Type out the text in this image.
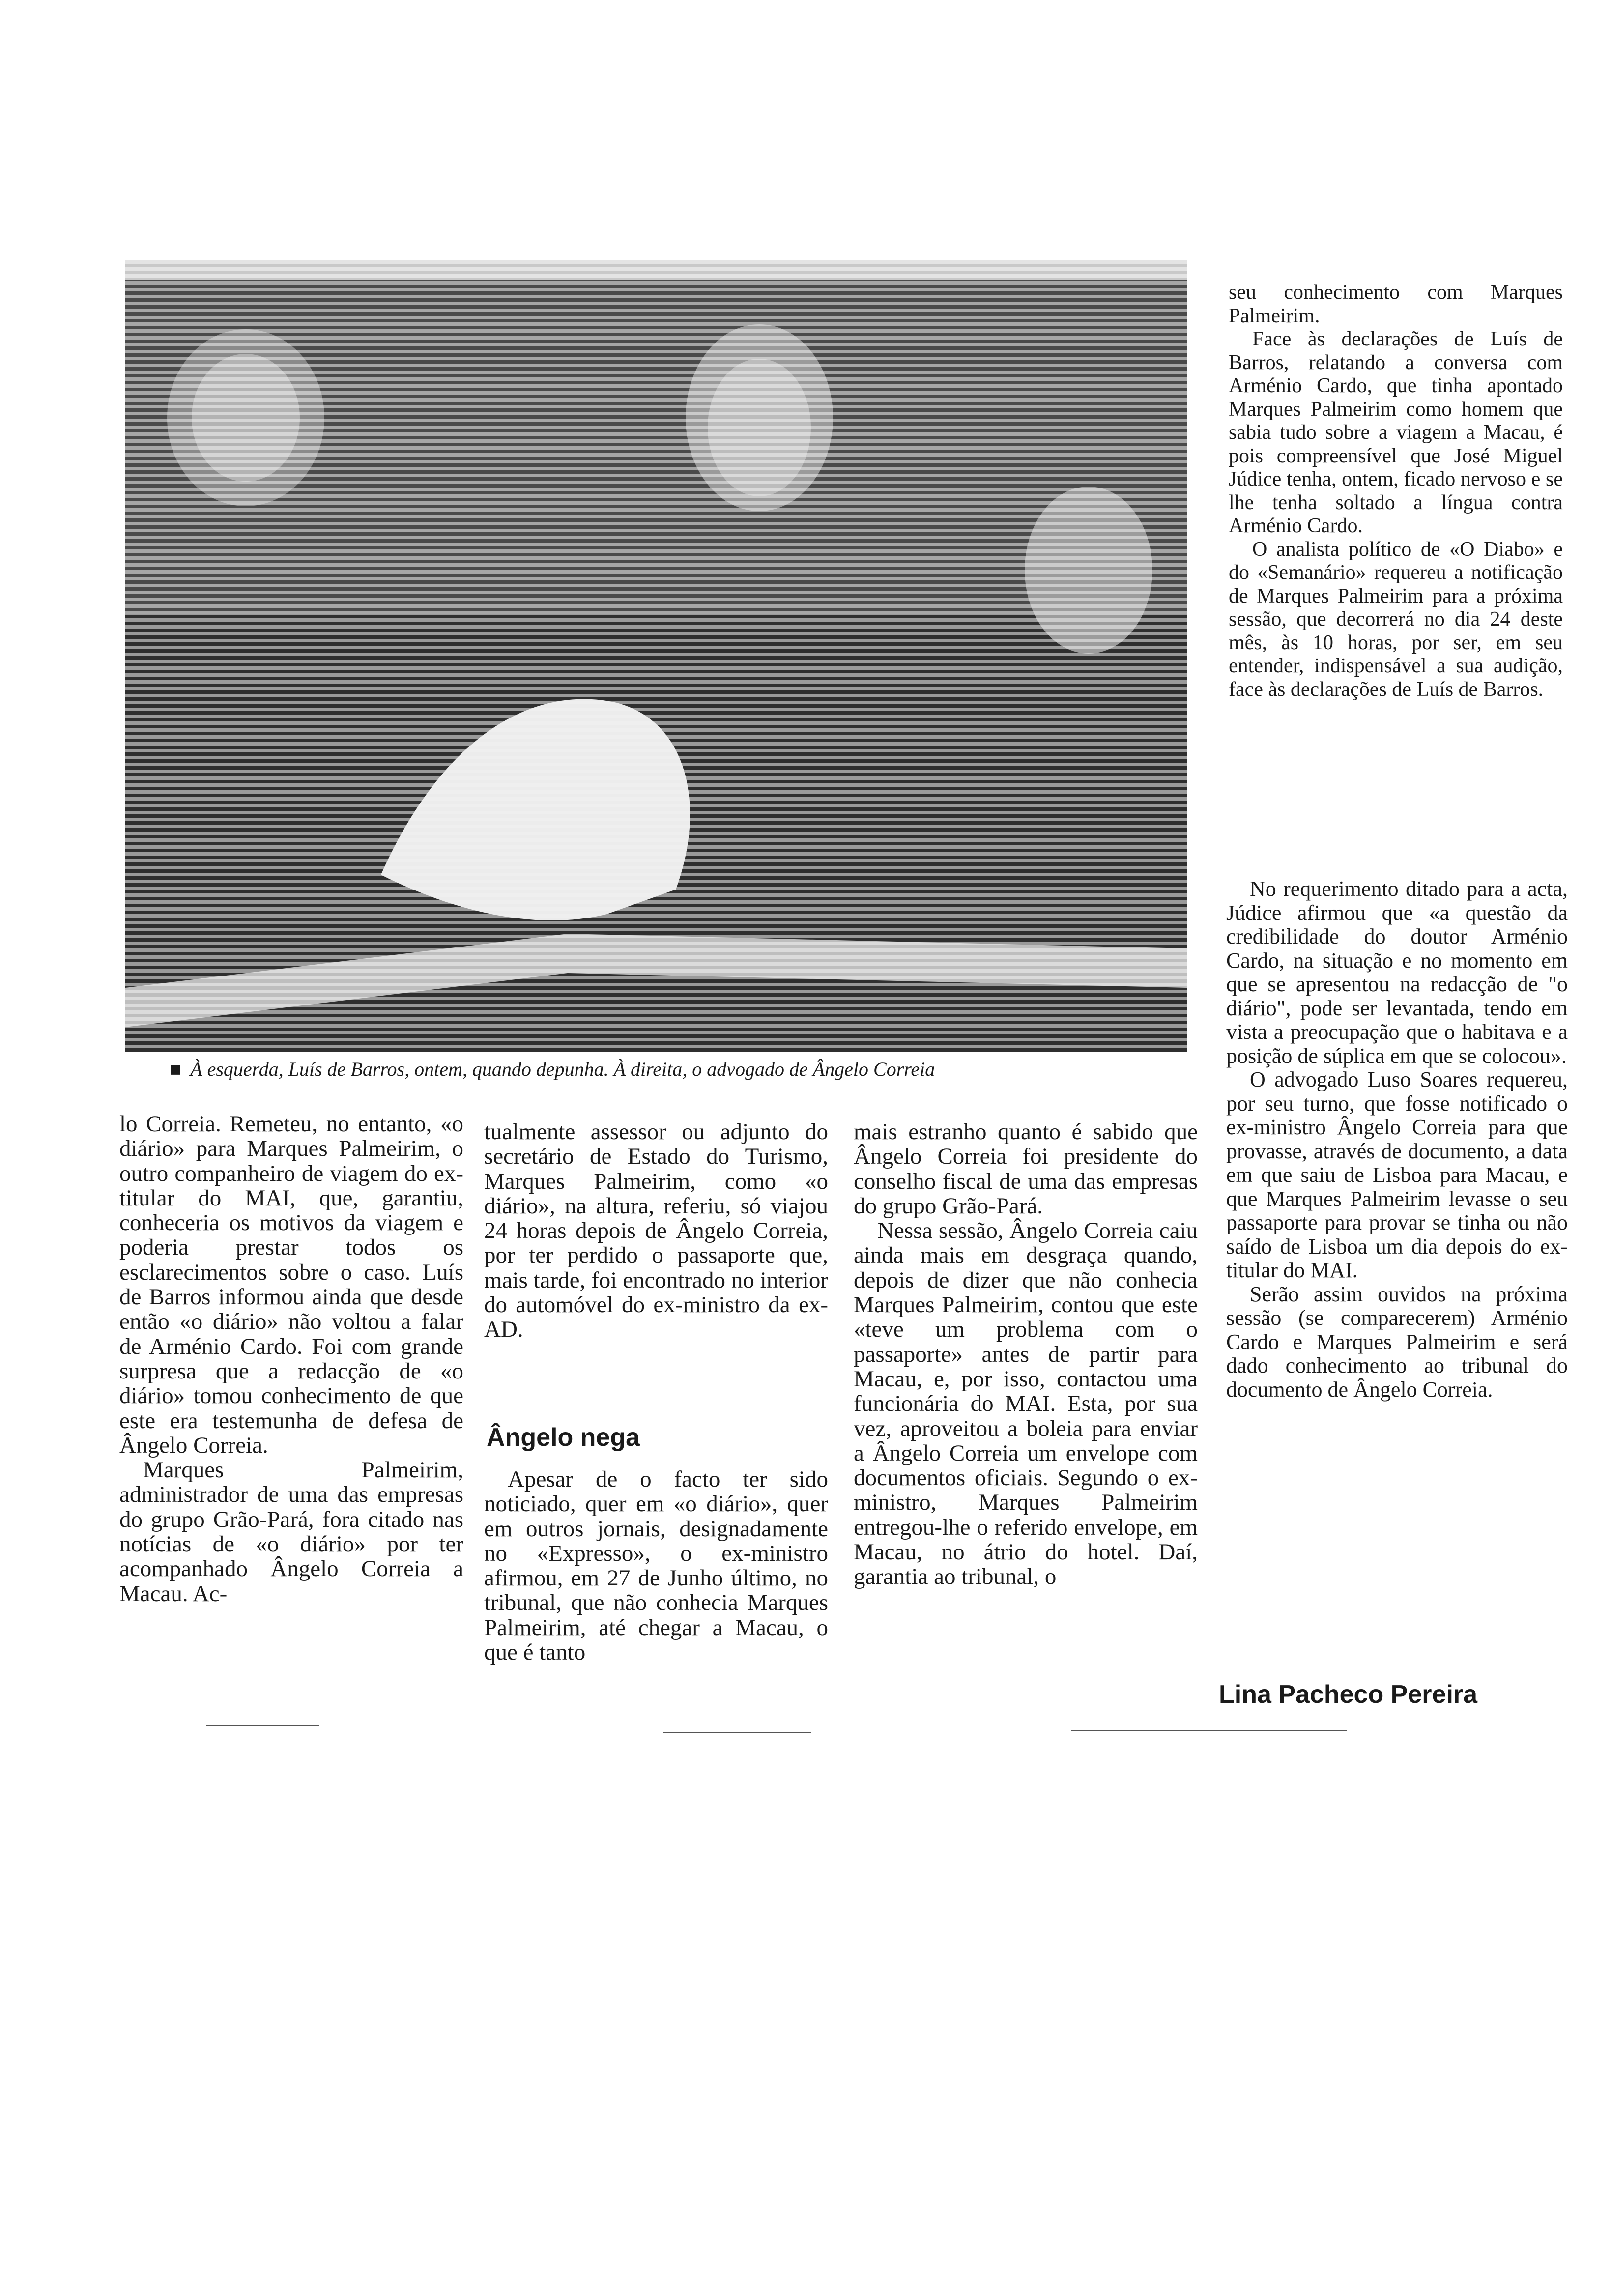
■ À esquerda, Luís de Barros, ontem, quando depunha. À direita, o advogado de Ângelo Correia

lo Correia. Remeteu, no entanto, «o diário» para Marques Palmeirim, o outro companheiro de viagem do ex-titular do MAI, que, garantiu, conheceria os motivos da viagem e poderia prestar todos os esclarecimentos sobre o caso. Luís de Barros informou ainda que desde então «o diário» não voltou a falar de Arménio Cardo. Foi com grande surpresa que a redacção de «o diário» tomou conhecimento de que este era testemunha de defesa de Ângelo Correia.

Marques Palmeirim, administrador de uma das empresas do grupo Grão-Pará, fora citado nas notícias de «o diário» por ter acompanhado Ângelo Correia a Macau. Ac-

tualmente assessor ou adjunto do secretário de Estado do Turismo, Marques Palmeirim, como «o diário», na altura, referiu, só viajou 24 horas depois de Ângelo Correia, por ter perdido o passaporte que, mais tarde, foi encontrado no interior do automóvel do ex-ministro da ex-AD.

Ângelo nega

Apesar de o facto ter sido noticiado, quer em «o diário», quer em outros jornais, designadamente no «Expresso», o ex-ministro afirmou, em 27 de Junho último, no tribunal, que não conhecia Marques Palmeirim, até chegar a Macau, o que é tanto

mais estranho quanto é sabido que Ângelo Correia foi presidente do conselho fiscal de uma das empresas do grupo Grão-Pará.

Nessa sessão, Ângelo Correia caiu ainda mais em desgraça quando, depois de dizer que não conhecia Marques Palmeirim, contou que este «teve um problema com o passaporte» antes de partir para Macau, e, por isso, contactou uma funcionária do MAI. Esta, por sua vez, aproveitou a boleia para enviar a Ângelo Correia um envelope com documentos oficiais. Segundo o ex-ministro, Marques Palmeirim entregou-lhe o referido envelope, em Macau, no átrio do hotel. Daí, garantia ao tribunal, o

seu conhecimento com Marques Palmeirim.

Face às declarações de Luís de Barros, relatando a conversa com Arménio Cardo, que tinha apontado Marques Palmeirim como homem que sabia tudo sobre a viagem a Macau, é pois compreensível que José Miguel Júdice tenha, ontem, ficado nervoso e se lhe tenha soltado a língua contra Arménio Cardo.

O analista político de «O Diabo» e do «Semanário» requereu a notificação de Marques Palmeirim para a próxima sessão, que decorrerá no dia 24 deste mês, às 10 horas, por ser, em seu entender, indispensável a sua audição, face às declarações de Luís de Barros.

No requerimento ditado para a acta, Júdice afirmou que «a questão da credibilidade do doutor Arménio Cardo, na situação e no momento em que se apresentou na redacção de "o diário", pode ser levantada, tendo em vista a preocupação que o habitava e a posição de súplica em que se colocou».

O advogado Luso Soares requereu, por seu turno, que fosse notificado o ex-ministro Ângelo Correia para que provasse, através de documento, a data em que saiu de Lisboa para Macau, e que Marques Palmeirim levasse o seu passaporte para provar se tinha ou não saído de Lisboa um dia depois do ex-titular do MAI.

Serão assim ouvidos na próxima sessão (se comparecerem) Arménio Cardo e Marques Palmeirim e será dado conhecimento ao tribunal do documento de Ângelo Correia.

Lina Pacheco Pereira
